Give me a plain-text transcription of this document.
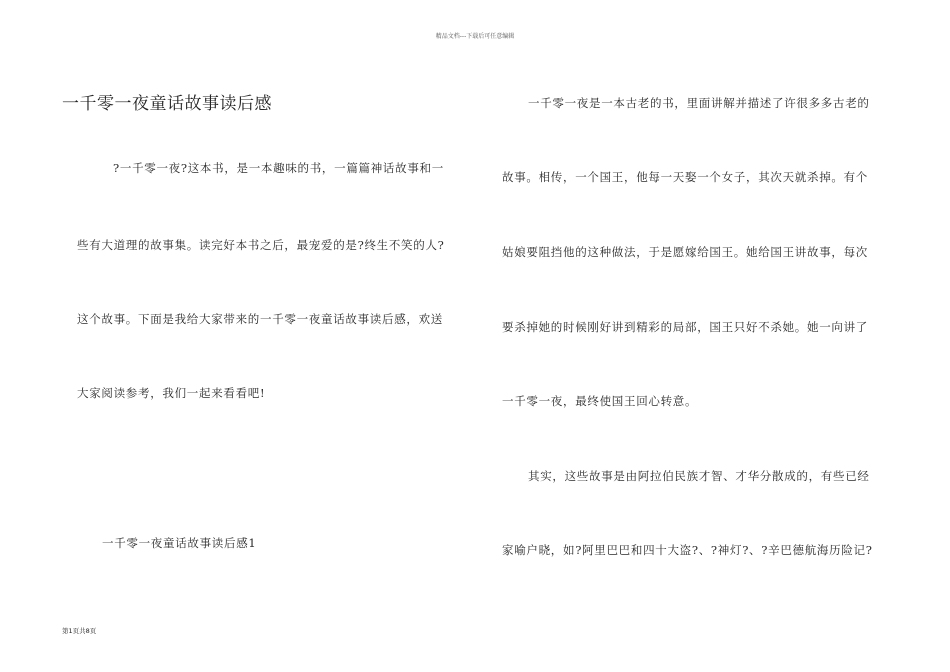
精品文档---下载后可任意编辑
一千零一夜童话故事读后感
?一千零一夜?这本书，是一本趣味的书，一篇篇神话故事和一
些有大道理的故事集。读完好本书之后，最宠爱的是?终生不笑的人?
这个故事。下面是我给大家带来的一千零一夜童话故事读后感，欢送
大家阅读参考，我们一起来看看吧!
一千零一夜童话故事读后感1
一千零一夜是一本古老的书，里面讲解并描述了许很多多古老的
故事。相传，一个国王，他每一天娶一个女子，其次天就杀掉。有个
姑娘要阻挡他的这种做法，于是愿嫁给国王。她给国王讲故事，每次
要杀掉她的时候刚好讲到精彩的局部，国王只好不杀她。她一向讲了
一千零一夜，最终使国王回心转意。
其实，这些故事是由阿拉伯民族才智、才华分散成的，有些已经
家喻户晓，如?阿里巴巴和四十大盗?、?神灯?、?辛巴德航海历险记?
第1页共8页
